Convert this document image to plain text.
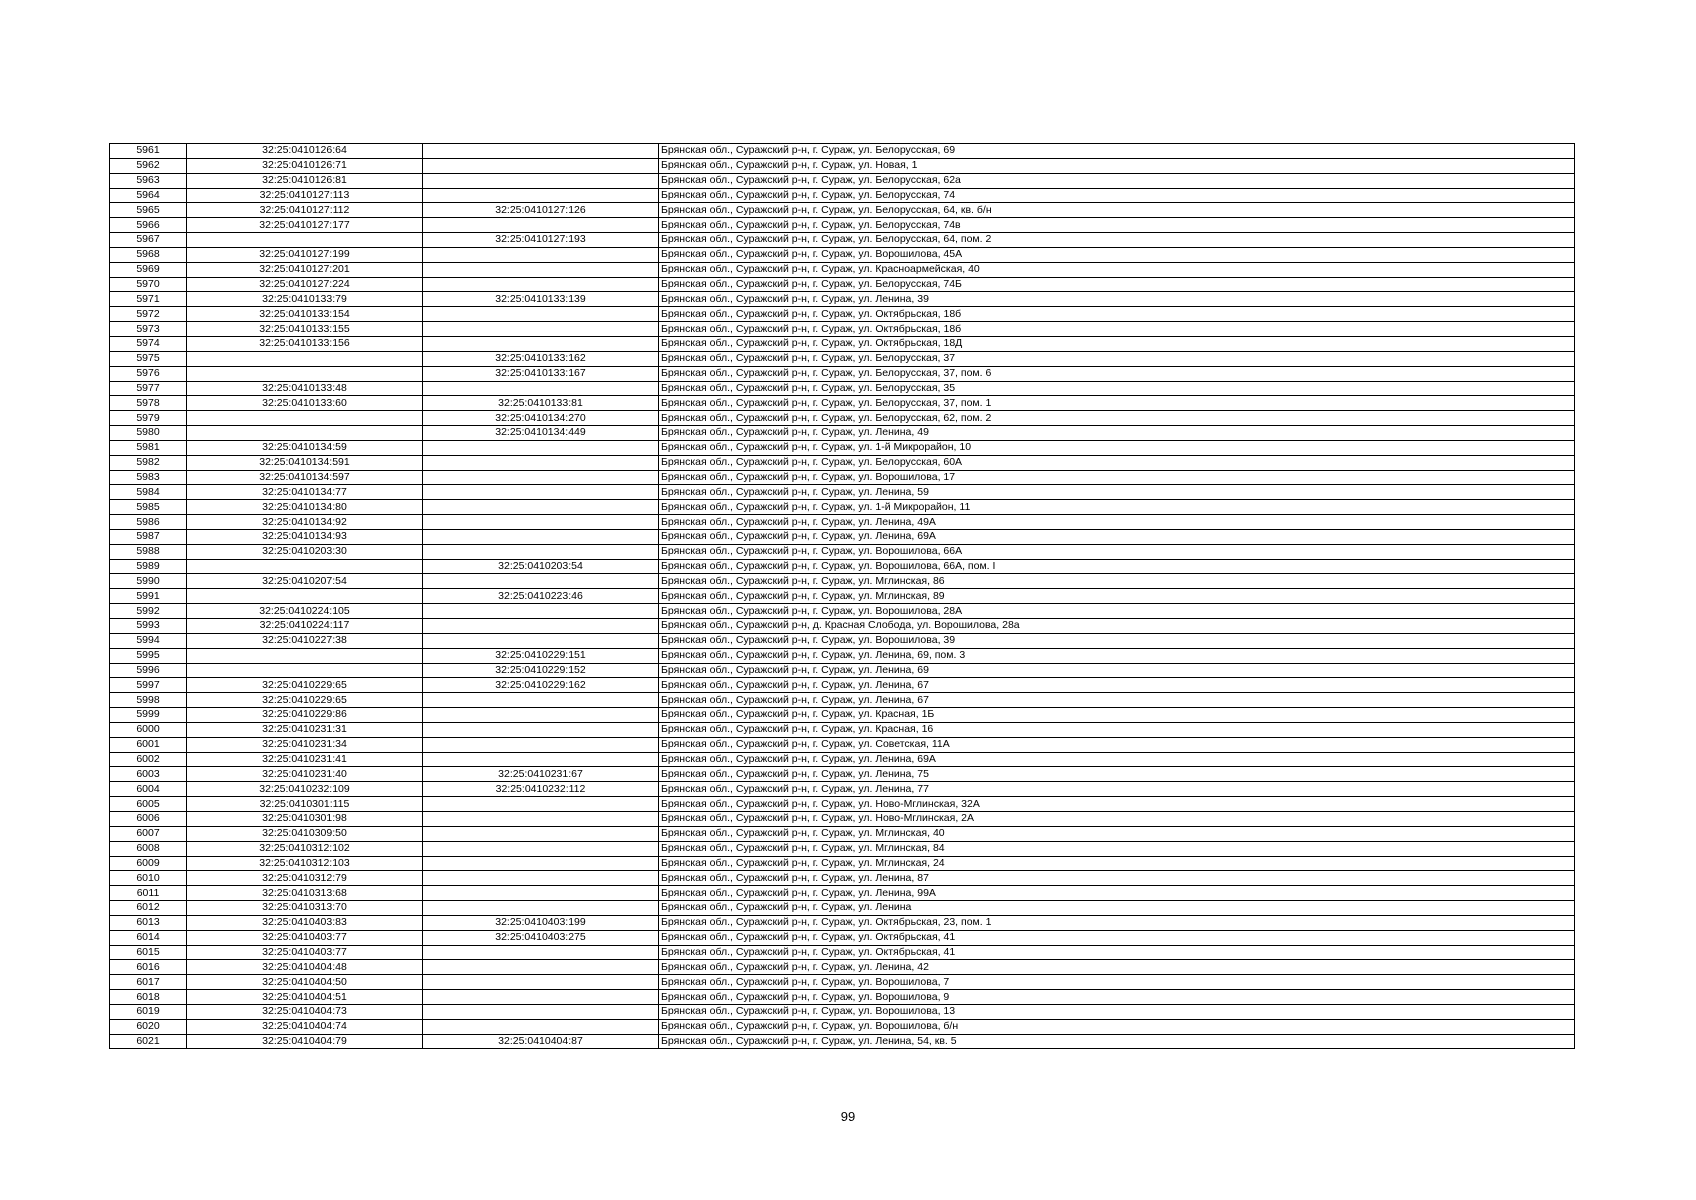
5961	32:25:0410126:64		Брянская обл., Суражский р-н, г. Сураж, ул. Белорусская, 69
5962	32:25:0410126:71		Брянская обл., Суражский р-н, г. Сураж, ул. Новая, 1
5963	32:25:0410126:81		Брянская обл., Суражский р-н, г. Сураж, ул. Белорусская, 62а
5964	32:25:0410127:113		Брянская обл., Суражский р-н, г. Сураж, ул. Белорусская, 74
5965	32:25:0410127:112	32:25:0410127:126	Брянская обл., Суражский р-н, г. Сураж, ул. Белорусская, 64, кв. б/н
5966	32:25:0410127:177		Брянская обл., Суражский р-н, г. Сураж, ул. Белорусская, 74в
5967		32:25:0410127:193	Брянская обл., Суражский р-н, г. Сураж, ул. Белорусская, 64, пом. 2
5968	32:25:0410127:199		Брянская обл., Суражский р-н, г. Сураж, ул. Ворошилова, 45А
5969	32:25:0410127:201		Брянская обл., Суражский р-н, г. Сураж, ул. Красноармейская, 40
5970	32:25:0410127:224		Брянская обл., Суражский р-н, г. Сураж, ул. Белорусская, 74Б
5971	32:25:0410133:79	32:25:0410133:139	Брянская обл., Суражский р-н, г. Сураж, ул. Ленина, 39
5972	32:25:0410133:154		Брянская обл., Суражский р-н, г. Сураж, ул. Октябрьская, 18б
5973	32:25:0410133:155		Брянская обл., Суражский р-н, г. Сураж, ул. Октябрьская, 18б
5974	32:25:0410133:156		Брянская обл., Суражский р-н, г. Сураж, ул. Октябрьская, 18Д
5975		32:25:0410133:162	Брянская обл., Суражский р-н, г. Сураж, ул. Белорусская, 37
5976		32:25:0410133:167	Брянская обл., Суражский р-н, г. Сураж, ул. Белорусская, 37, пом. 6
5977	32:25:0410133:48		Брянская обл., Суражский р-н, г. Сураж, ул. Белорусская, 35
5978	32:25:0410133:60	32:25:0410133:81	Брянская обл., Суражский р-н, г. Сураж, ул. Белорусская, 37, пом. 1
5979		32:25:0410134:270	Брянская обл., Суражский р-н, г. Сураж, ул. Белорусская, 62, пом. 2
5980		32:25:0410134:449	Брянская обл., Суражский р-н, г. Сураж, ул. Ленина, 49
5981	32:25:0410134:59		Брянская обл., Суражский р-н, г. Сураж, ул. 1-й Микрорайон, 10
5982	32:25:0410134:591		Брянская обл., Суражский р-н, г. Сураж, ул. Белорусская, 60А
5983	32:25:0410134:597		Брянская обл., Суражский р-н, г. Сураж, ул. Ворошилова, 17
5984	32:25:0410134:77		Брянская обл., Суражский р-н, г. Сураж, ул. Ленина, 59
5985	32:25:0410134:80		Брянская обл., Суражский р-н, г. Сураж, ул. 1-й Микрорайон, 11
5986	32:25:0410134:92		Брянская обл., Суражский р-н, г. Сураж, ул. Ленина, 49А
5987	32:25:0410134:93		Брянская обл., Суражский р-н, г. Сураж, ул. Ленина, 69А
5988	32:25:0410203:30		Брянская обл., Суражский р-н, г. Сураж, ул. Ворошилова, 66А
5989		32:25:0410203:54	Брянская обл., Суражский р-н, г. Сураж, ул. Ворошилова, 66А, пом. I
5990	32:25:0410207:54		Брянская обл., Суражский р-н, г. Сураж, ул. Мглинская, 86
5991		32:25:0410223:46	Брянская обл., Суражский р-н, г. Сураж, ул. Мглинская, 89
5992	32:25:0410224:105		Брянская обл., Суражский р-н, г. Сураж, ул. Ворошилова, 28А
5993	32:25:0410224:117		Брянская обл., Суражский р-н, д. Красная Слобода, ул. Ворошилова, 28а
5994	32:25:0410227:38		Брянская обл., Суражский р-н, г. Сураж, ул. Ворошилова, 39
5995		32:25:0410229:151	Брянская обл., Суражский р-н, г. Сураж, ул. Ленина, 69, пом. 3
5996		32:25:0410229:152	Брянская обл., Суражский р-н, г. Сураж, ул. Ленина, 69
5997	32:25:0410229:65	32:25:0410229:162	Брянская обл., Суражский р-н, г. Сураж, ул. Ленина, 67
5998	32:25:0410229:65		Брянская обл., Суражский р-н, г. Сураж, ул. Ленина, 67
5999	32:25:0410229:86		Брянская обл., Суражский р-н, г. Сураж, ул. Красная, 1Б
6000	32:25:0410231:31		Брянская обл., Суражский р-н, г. Сураж, ул. Красная, 16
6001	32:25:0410231:34		Брянская обл., Суражский р-н, г. Сураж, ул. Советская, 11А
6002	32:25:0410231:41		Брянская обл., Суражский р-н, г. Сураж, ул. Ленина, 69А
6003	32:25:0410231:40	32:25:0410231:67	Брянская обл., Суражский р-н, г. Сураж, ул. Ленина, 75
6004	32:25:0410232:109	32:25:0410232:112	Брянская обл., Суражский р-н, г. Сураж, ул. Ленина, 77
6005	32:25:0410301:115		Брянская обл., Суражский р-н, г. Сураж, ул. Ново-Мглинская, 32А
6006	32:25:0410301:98		Брянская обл., Суражский р-н, г. Сураж, ул. Ново-Мглинская, 2А
6007	32:25:0410309:50		Брянская обл., Суражский р-н, г. Сураж, ул. Мглинская, 40
6008	32:25:0410312:102		Брянская обл., Суражский р-н, г. Сураж, ул. Мглинская, 84
6009	32:25:0410312:103		Брянская обл., Суражский р-н, г. Сураж, ул. Мглинская, 24
6010	32:25:0410312:79		Брянская обл., Суражский р-н, г. Сураж, ул. Ленина, 87
6011	32:25:0410313:68		Брянская обл., Суражский р-н, г. Сураж, ул. Ленина, 99А
6012	32:25:0410313:70		Брянская обл., Суражский р-н, г. Сураж, ул. Ленина
6013	32:25:0410403:83	32:25:0410403:199	Брянская обл., Суражский р-н, г. Сураж, ул. Октябрьская, 23, пом. 1
6014	32:25:0410403:77	32:25:0410403:275	Брянская обл., Суражский р-н, г. Сураж, ул. Октябрьская, 41
6015	32:25:0410403:77		Брянская обл., Суражский р-н, г. Сураж, ул. Октябрьская, 41
6016	32:25:0410404:48		Брянская обл., Суражский р-н, г. Сураж, ул. Ленина, 42
6017	32:25:0410404:50		Брянская обл., Суражский р-н, г. Сураж, ул. Ворошилова, 7
6018	32:25:0410404:51		Брянская обл., Суражский р-н, г. Сураж, ул. Ворошилова, 9
6019	32:25:0410404:73		Брянская обл., Суражский р-н, г. Сураж, ул. Ворошилова, 13
6020	32:25:0410404:74		Брянская обл., Суражский р-н, г. Сураж, ул. Ворошилова, б/н
6021	32:25:0410404:79	32:25:0410404:87	Брянская обл., Суражский р-н, г. Сураж, ул. Ленина, 54, кв. 5
99
